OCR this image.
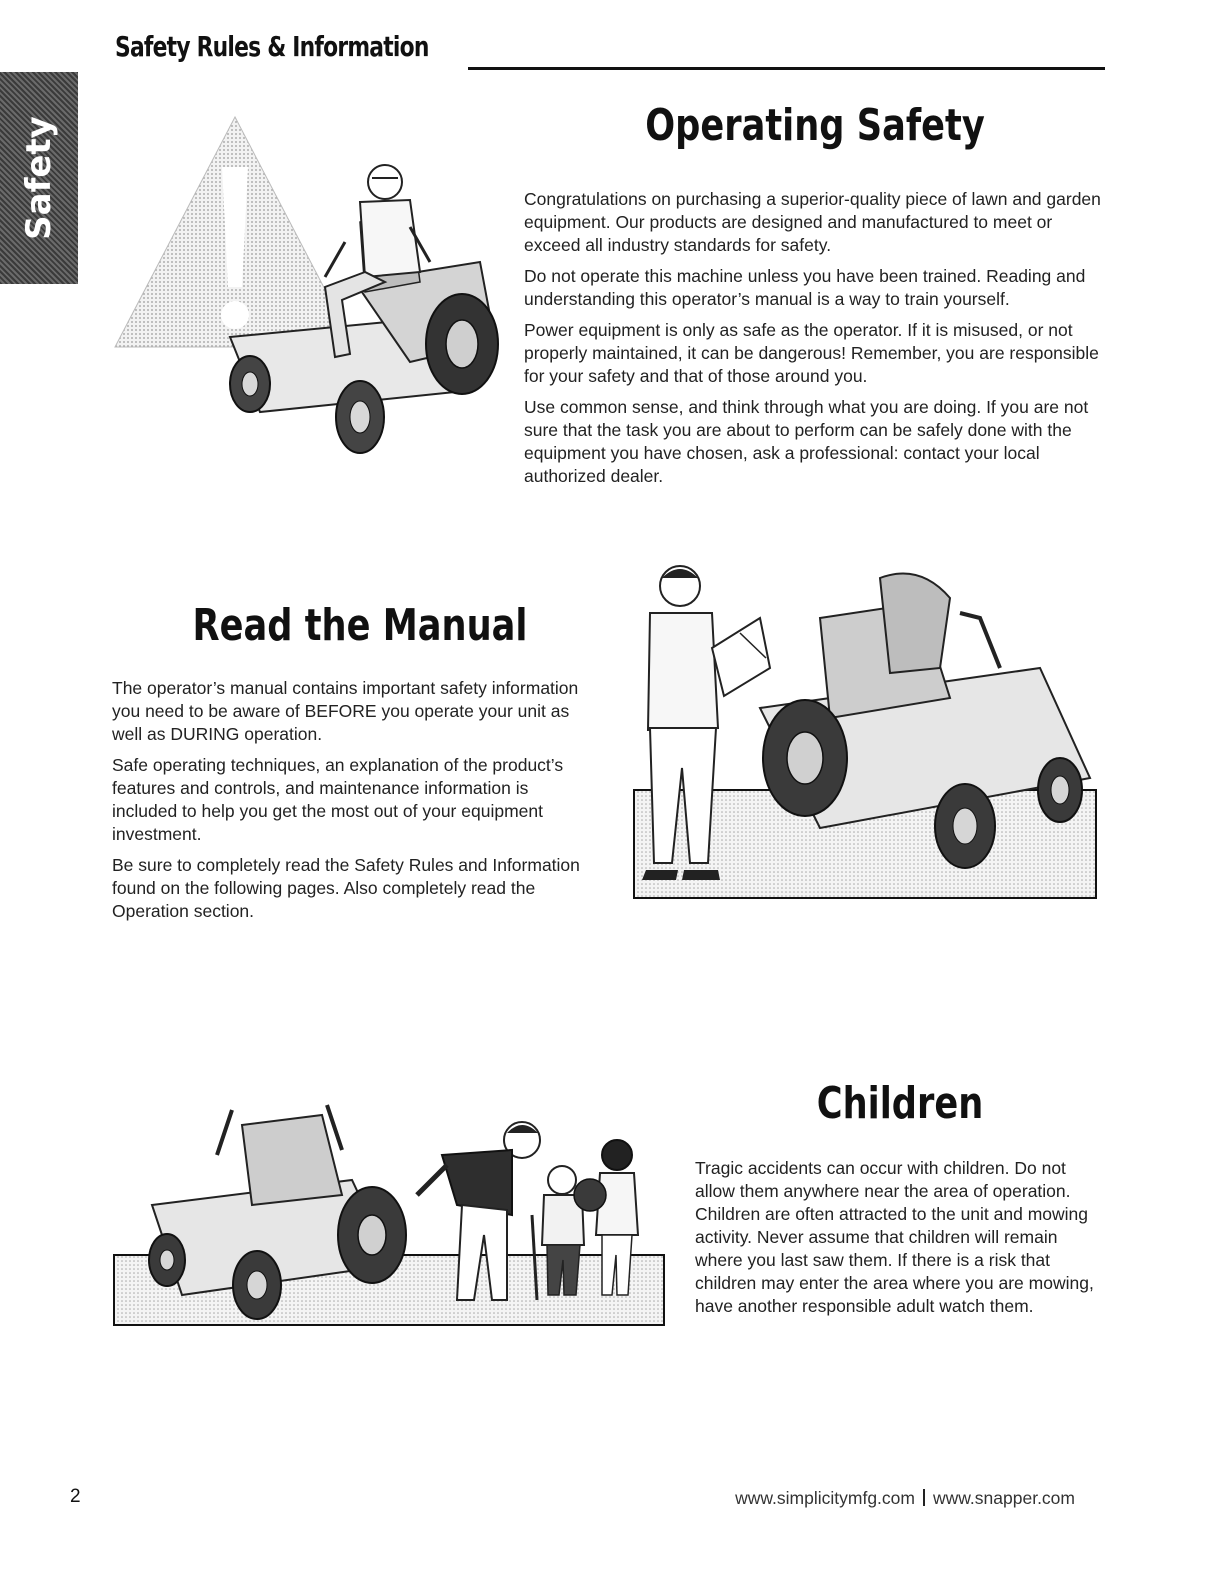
Safety Rules & Information
Safety	Operating Safety

Congratulations on purchasing a superior-quality piece of lawn and garden equipment. Our products are designed and manufactured to meet or exceed all industry standards for safety.

Do not operate this machine unless you have been trained. Reading and understanding this operator’s manual is a way to train yourself.

Power equipment is only as safe as the operator. If it is misused, or not properly maintained, it can be dangerous! Remember, you are responsible for your safety and that of those around you.

Use common sense, and think through what you are doing. If you are not sure that the task you are about to perform can be safely done with the equipment you have chosen, ask a professional: contact your local authorized dealer.

Read the Manual

The operator’s manual contains important safety information you need to be aware of BEFORE you operate your unit as well as DURING operation.

Safe operating techniques, an explanation of the product’s features and controls, and maintenance information is included to help you get the most out of your equipment investment.

Be sure to completely read the Safety Rules and Information found on the following pages. Also completely read the Operation section.

Children

Tragic accidents can occur with children. Do not allow them anywhere near the area of operation. Children are often attracted to the unit and mowing activity. Never assume that children will remain where you last saw them. If there is a risk that children may enter the area where you are mowing, have another responsible adult watch them.

2	www.simplicitymfg.com www.snapper.com
